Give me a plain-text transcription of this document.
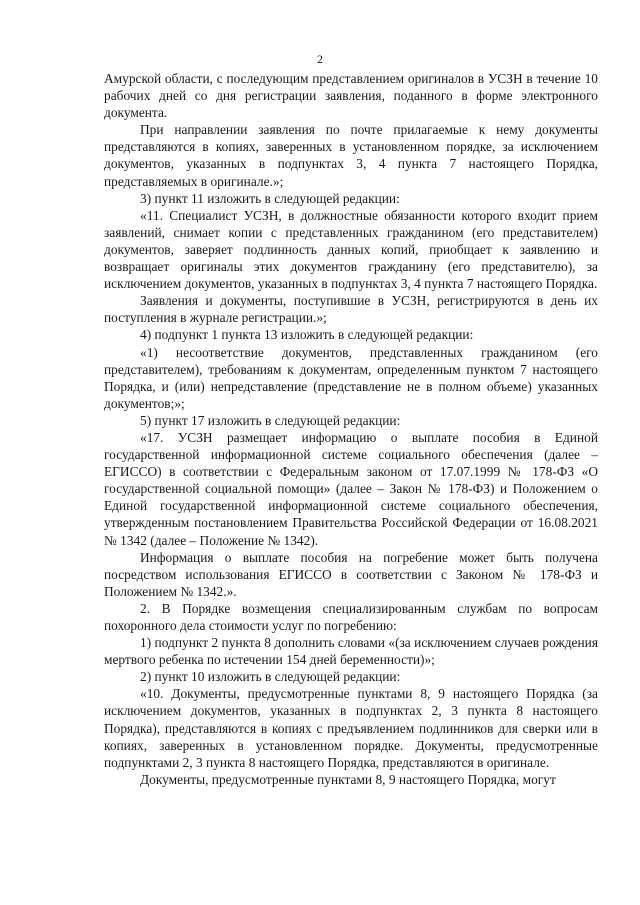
2

Амурской области, с последующим представлением оригиналов в УСЗН в течение 10 рабочих дней со дня регистрации заявления, поданного в форме электронного документа.

При направлении заявления по почте прилагаемые к нему документы представляются в копиях, заверенных в установленном порядке, за исключением документов, указанных в подпунктах 3, 4 пункта 7 настоящего Порядка, представляемых в оригинале.»;

3) пункт 11 изложить в следующей редакции:

«11. Специалист УСЗН, в должностные обязанности которого входит прием заявлений, снимает копии с представленных гражданином (его представителем) документов, заверяет подлинность данных копий, приобщает к заявлению и возвращает оригиналы этих документов гражданину (его представителю), за исключением документов, указанных в подпунктах 3, 4 пункта 7 настоящего Порядка.

Заявления и документы, поступившие в УСЗН, регистрируются в день их поступления в журнале регистрации.»;

4) подпункт 1 пункта 13 изложить в следующей редакции:

«1) несоответствие документов, представленных гражданином (его представителем), требованиям к документам, определенным пунктом 7 настоящего Порядка, и (или) непредставление (представление не в полном объеме) указанных документов;»;

5) пункт 17 изложить в следующей редакции:

«17. УСЗН размещает информацию о выплате пособия в Единой государственной информационной системе социального обеспечения (далее – ЕГИССО) в соответствии с Федеральным законом от 17.07.1999 № 178-ФЗ «О государственной социальной помощи» (далее – Закон № 178-ФЗ) и Положением о Единой государственной информационной системе социального обеспечения, утвержденным постановлением Правительства Российской Федерации от 16.08.2021 № 1342 (далее – Положение № 1342).

Информация о выплате пособия на погребение может быть получена посредством использования ЕГИССО в соответствии с Законом № 178-ФЗ и Положением № 1342.».

2. В Порядке возмещения специализированным службам по вопросам похоронного дела стоимости услуг по погребению:

1) подпункт 2 пункта 8 дополнить словами «(за исключением случаев рождения мертвого ребенка по истечении 154 дней беременности)»;

2) пункт 10 изложить в следующей редакции:

«10. Документы, предусмотренные пунктами 8, 9 настоящего Порядка (за исключением документов, указанных в подпунктах 2, 3 пункта 8 настоящего Порядка), представляются в копиях с предъявлением подлинников для сверки или в копиях, заверенных в установленном порядке. Документы, предусмотренные подпунктами 2, 3 пункта 8 настоящего Порядка, представляются в оригинале.

Документы, предусмотренные пунктами 8, 9 настоящего Порядка, могут
